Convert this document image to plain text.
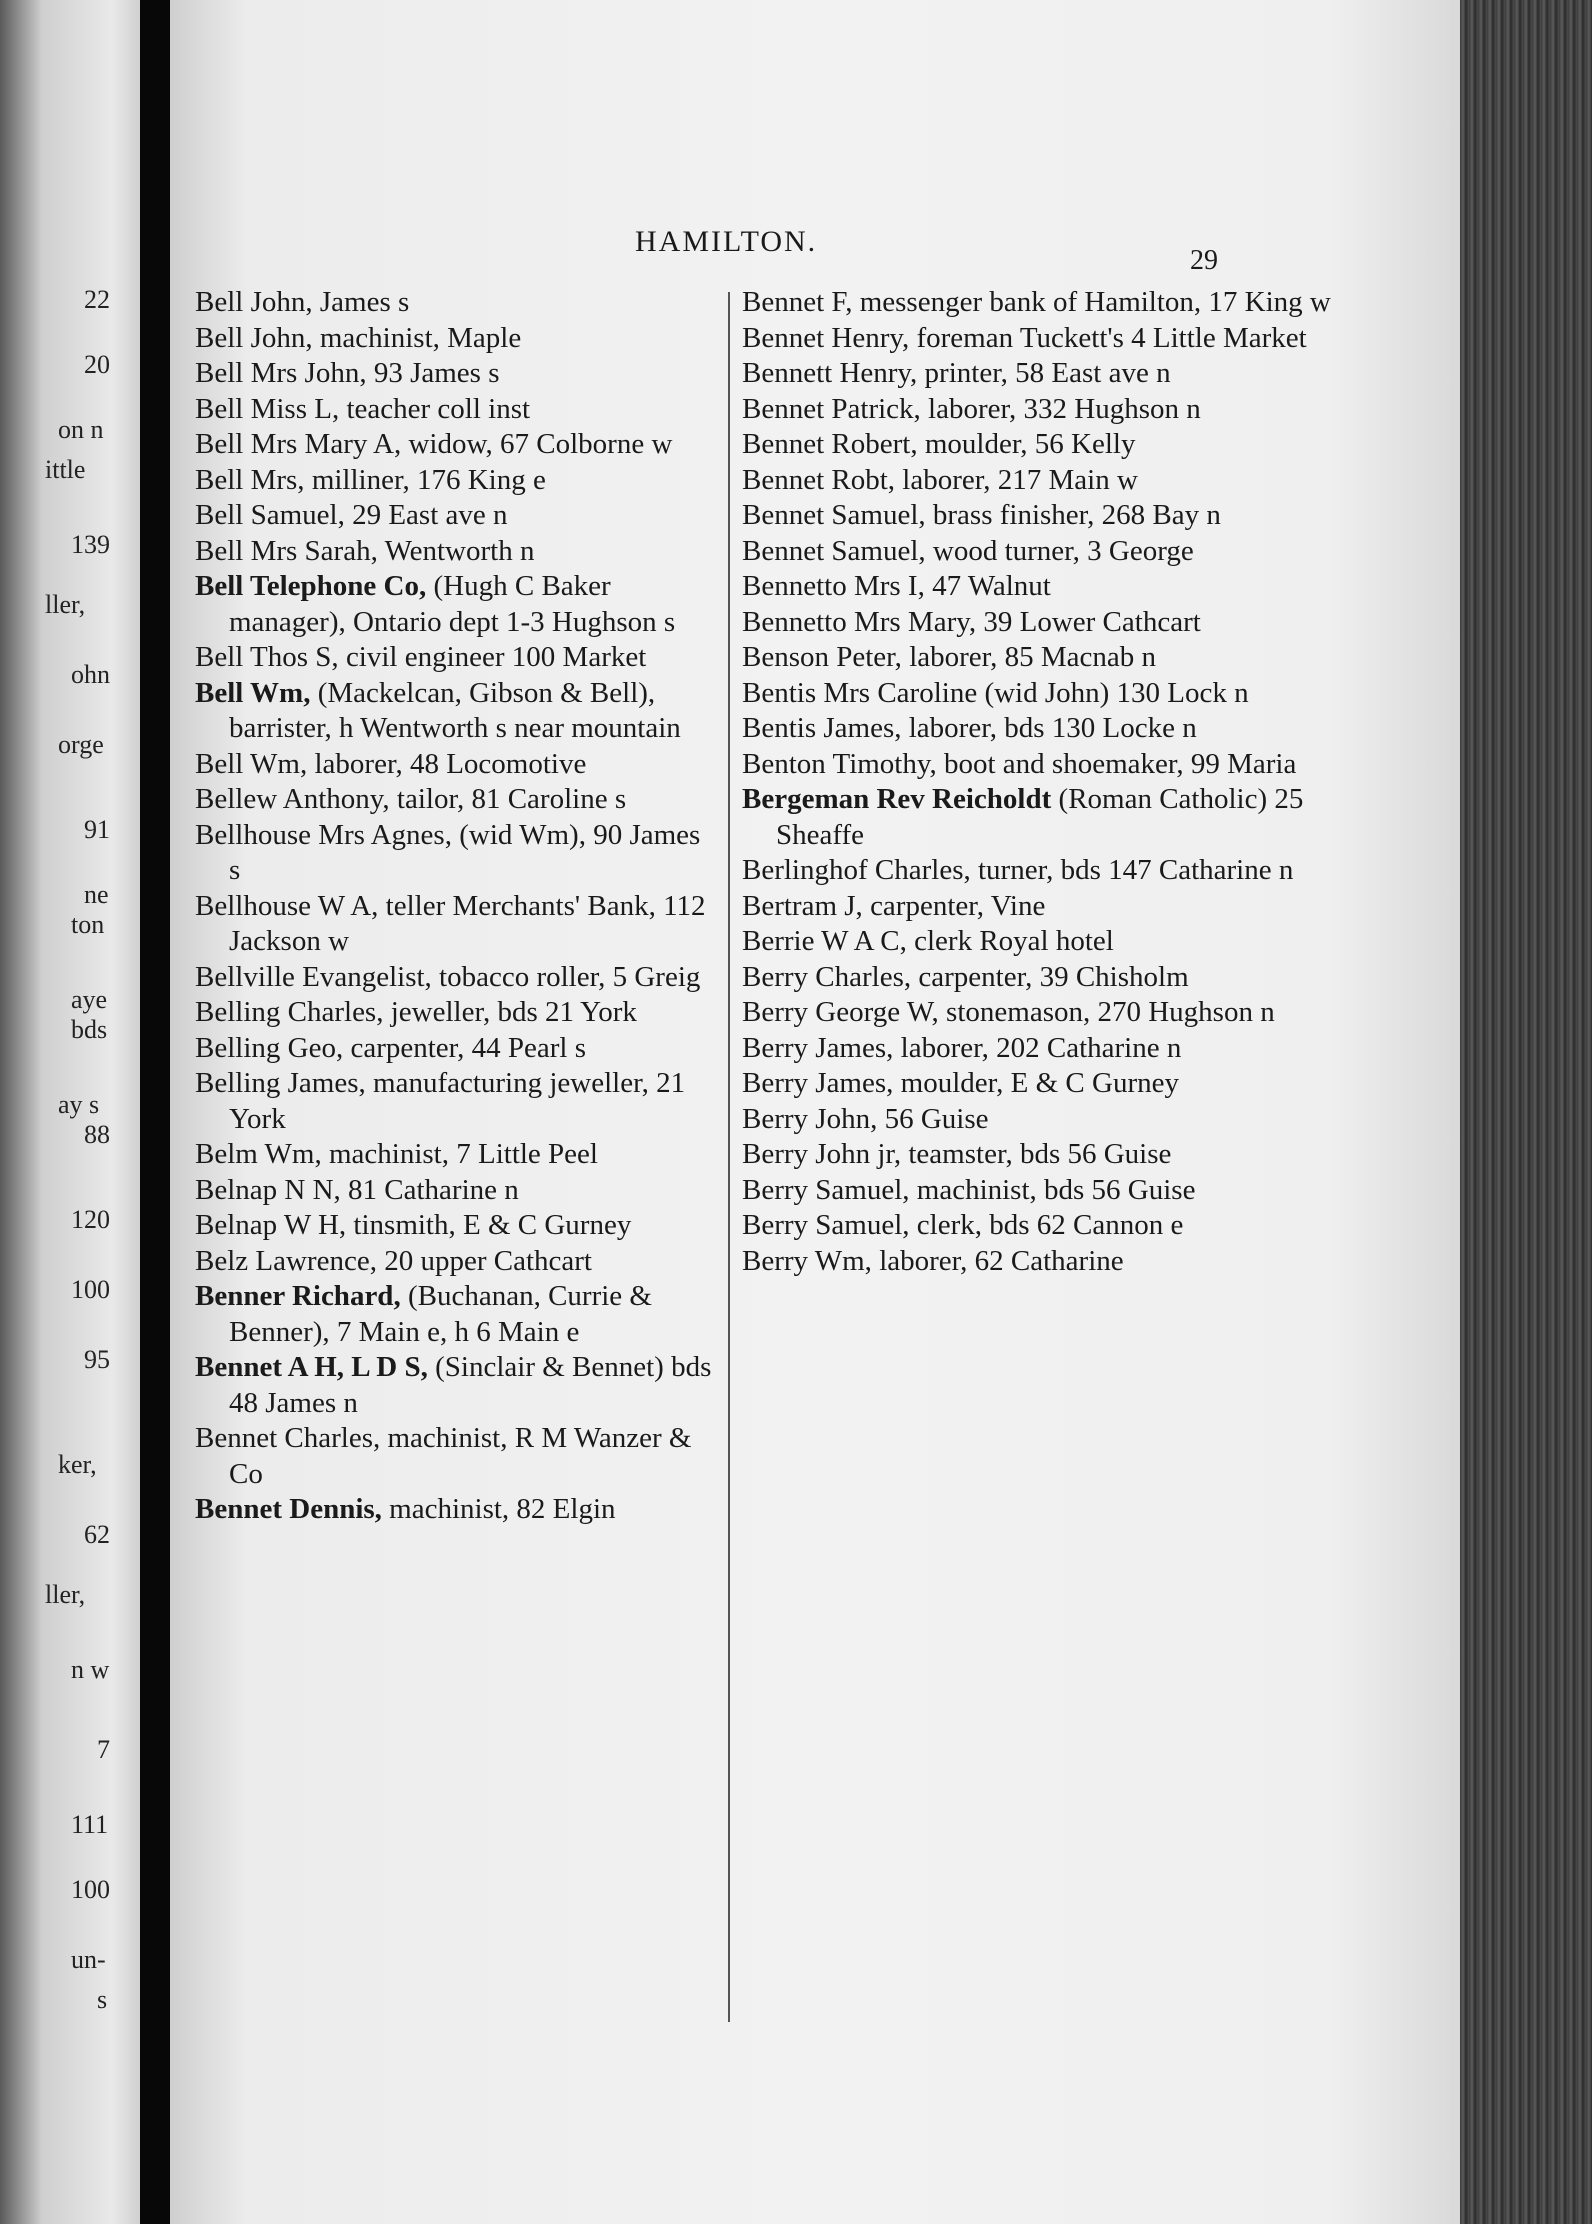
22
20
on n
ittle
139
ller,
ohn
orge
91
ne
ton
aye
bds
ay s
88
120
100
95
ker,
62
ller,
n w
7
111
100
un-
s
HAMILTON.
29

Bell John, James s

Bell John, machinist, Maple

Bell Mrs John, 93 James s

Bell Miss L, teacher coll inst

Bell Mrs Mary A, widow, 67 Colborne w

Bell Mrs, milliner, 176 King e

Bell Samuel, 29 East ave n

Bell Mrs Sarah, Wentworth n

Bell Telephone Co, (Hugh C Baker manager), Ontario dept 1-3 Hughson s

Bell Thos S, civil engineer 100 Market

Bell Wm, (Mackelcan, Gibson & Bell), barrister, h Wentworth s near mountain

Bell Wm, laborer, 48 Locomotive

Bellew Anthony, tailor, 81 Caroline s

Bellhouse Mrs Agnes, (wid Wm), 90 James s

Bellhouse W A, teller Merchants' Bank, 112 Jackson w

Bellville Evangelist, tobacco roller, 5 Greig

Belling Charles, jeweller, bds 21 York

Belling Geo, carpenter, 44 Pearl s

Belling James, manufacturing jeweller, 21 York

Belm Wm, machinist, 7 Little Peel

Belnap N N, 81 Catharine n

Belnap W H, tinsmith, E & C Gurney

Belz Lawrence, 20 upper Cathcart

Benner Richard, (Buchanan, Currie & Benner), 7 Main e, h 6 Main e

Bennet A H, L D S, (Sinclair & Bennet) bds 48 James n

Bennet Charles, machinist, R M Wanzer & Co

Bennet Dennis, machinist, 82 Elgin

Bennet F, messenger bank of Hamilton, 17 King w

Bennet Henry, foreman Tuckett's 4 Little Market

Bennett Henry, printer, 58 East ave n

Bennet Patrick, laborer, 332 Hughson n

Bennet Robert, moulder, 56 Kelly

Bennet Robt, laborer, 217 Main w

Bennet Samuel, brass finisher, 268 Bay n

Bennet Samuel, wood turner, 3 George

Bennetto Mrs I, 47 Walnut

Bennetto Mrs Mary, 39 Lower Cathcart

Benson Peter, laborer, 85 Macnab n

Bentis Mrs Caroline (wid John) 130 Lock n

Bentis James, laborer, bds 130 Locke n

Benton Timothy, boot and shoemaker, 99 Maria

Bergeman Rev Reicholdt (Roman Catholic) 25 Sheaffe

Berlinghof Charles, turner, bds 147 Catharine n

Bertram J, carpenter, Vine

Berrie W A C, clerk Royal hotel

Berry Charles, carpenter, 39 Chisholm

Berry George W, stonemason, 270 Hughson n

Berry James, laborer, 202 Catharine n

Berry James, moulder, E & C Gurney

Berry John, 56 Guise

Berry John jr, teamster, bds 56 Guise

Berry Samuel, machinist, bds 56 Guise

Berry Samuel, clerk, bds 62 Cannon e

Berry Wm, laborer, 62 Catharine
